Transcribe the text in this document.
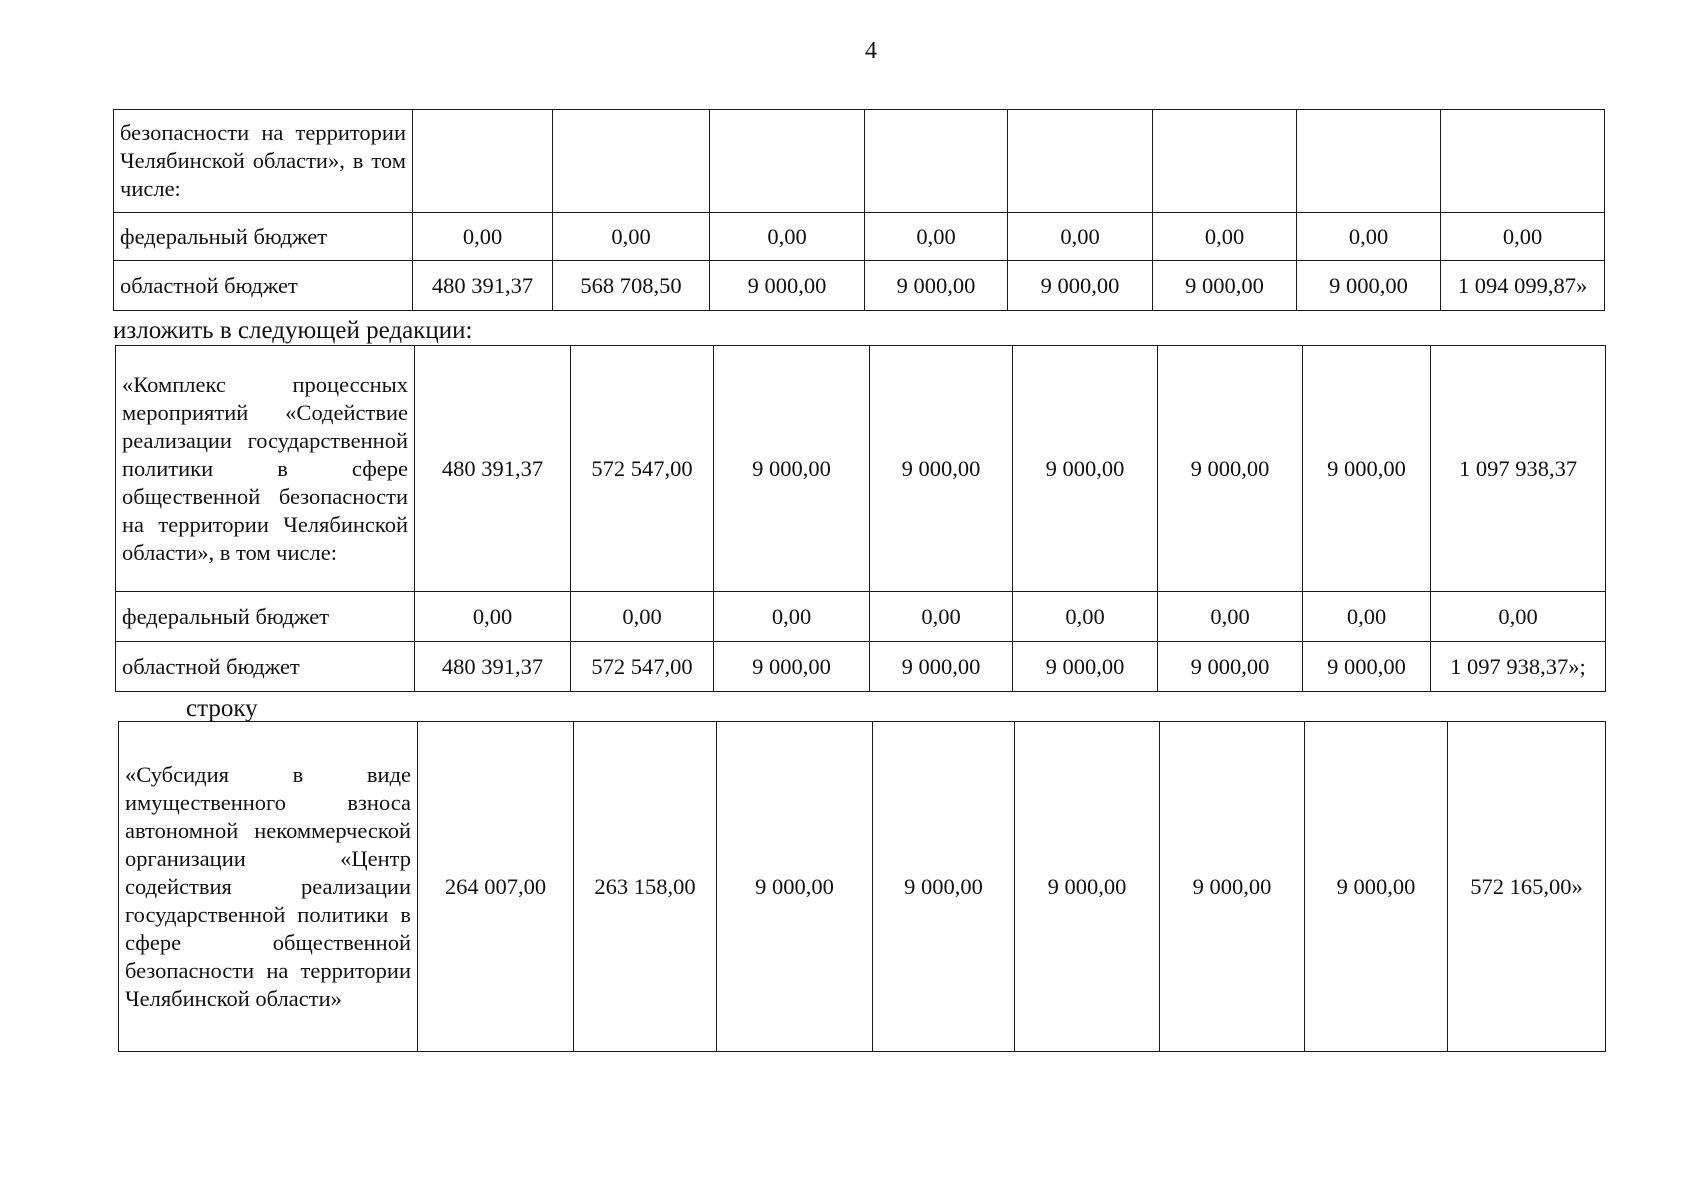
4
безопасности на территории Челябинской области», в том числе:								
федеральный бюджет	0,00	0,00	0,00	0,00	0,00	0,00	0,00	0,00
областной бюджет	480 391,37	568 708,50	9 000,00	9 000,00	9 000,00	9 000,00	9 000,00	1 094 099,87»
изложить в следующей редакции:
«Комплекс процессных мероприятий «Содействие реализации государственной политики в сфере общественной безопасности на территории Челябинской области», в том числе:	480 391,37	572 547,00	9 000,00	9 000,00	9 000,00	9 000,00	9 000,00	1 097 938,37
федеральный бюджет	0,00	0,00	0,00	0,00	0,00	0,00	0,00	0,00
областной бюджет	480 391,37	572 547,00	9 000,00	9 000,00	9 000,00	9 000,00	9 000,00	1 097 938,37»;
строку
«Субсидия в виде имущественного взноса автономной некоммерческой организации «Центр содействия реализации государственной политики в сфере общественной безопасности на территории Челябинской области»	264 007,00	263 158,00	9 000,00	9 000,00	9 000,00	9 000,00	9 000,00	572 165,00»
